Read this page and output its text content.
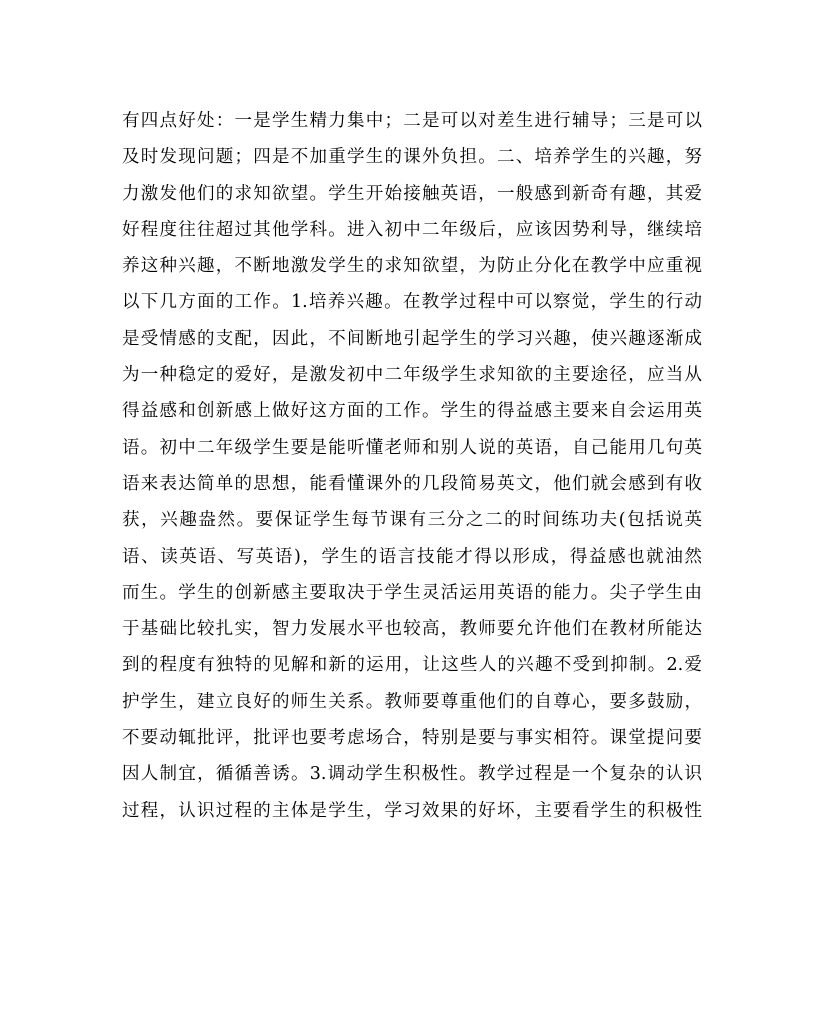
有四点好处：一是学生精力集中；二是可以对差生进行辅导；三是可以
及时发现问题；四是不加重学生的课外负担。二、培养学生的兴趣，努
力激发他们的求知欲望。学生开始接触英语，一般感到新奇有趣，其爱
好程度往往超过其他学科。进入初中二年级后，应该因势利导，继续培
养这种兴趣，不断地激发学生的求知欲望，为防止分化在教学中应重视
以下几方面的工作。1.培养兴趣。在教学过程中可以察觉，学生的行动
是受情感的支配，因此，不间断地引起学生的学习兴趣，使兴趣逐渐成
为一种稳定的爱好，是激发初中二年级学生求知欲的主要途径，应当从
得益感和创新感上做好这方面的工作。学生的得益感主要来自会运用英
语。初中二年级学生要是能听懂老师和别人说的英语，自己能用几句英
语来表达简单的思想，能看懂课外的几段简易英文，他们就会感到有收
获，兴趣盎然。要保证学生每节课有三分之二的时间练功夫(包括说英
语、读英语、写英语)，学生的语言技能才得以形成，得益感也就油然
而生。学生的创新感主要取决于学生灵活运用英语的能力。尖子学生由
于基础比较扎实，智力发展水平也较高，教师要允许他们在教材所能达
到的程度有独特的见解和新的运用，让这些人的兴趣不受到抑制。2.爱
护学生，建立良好的师生关系。教师要尊重他们的自尊心，要多鼓励，
不要动辄批评，批评也要考虑场合，特别是要与事实相符。课堂提问要
因人制宜，循循善诱。3.调动学生积极性。教学过程是一个复杂的认识
过程，认识过程的主体是学生，学习效果的好坏，主要看学生的积极性
